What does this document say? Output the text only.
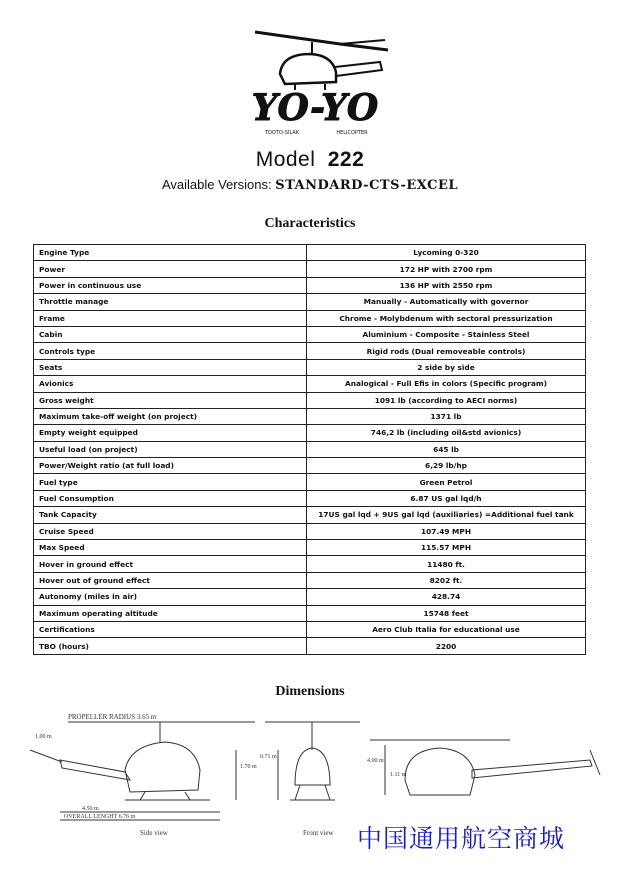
YO-YO
TOOTO-SILAK	HELICOPTER
Model 222
Available Versions: STANDARD-CTS-EXCEL
Characteristics
Engine Type	Lycoming 0-320
Power	172 HP with 2700 rpm
Power in continuous use	136 HP with 2550 rpm
Throttle manage	Manually - Automatically with governor
Frame	Chrome - Molybdenum with sectoral pressurization
Cabin	Aluminium - Composite - Stainless Steel
Controls type	Rigid rods (Dual removeable controls)
Seats	2 side by side
Avionics	Analogical - Full Efis in colors (Specific program)
Gross weight	1091 lb (according to AECI norms)
Maximum take-off weight (on project)	1371 lb
Empty weight equipped	746,2 lb (including oil&std avionics)
Useful load (on project)	645 lb
Power/Weight ratio (at full load)	6,29 lb/hp
Fuel type	Green Petrol
Fuel Consumption	6.87 US gal lqd/h
Tank Capacity	17US gal lqd + 9US gal lqd (auxiliaries) =Additional fuel tank
Cruise Speed	107.49 MPH
Max Speed	115.57 MPH
Hover in ground effect	11480 ft.
Hover out of ground effect	8202 ft.
Autonomy (miles in air)	428.74
Maximum operating altitude	15748 feet
Certifications	Aero Club Italia for educational use
TBO (hours)	2200
Dimensions
PROPELLER RADIUS 3.65 m
1.00 m
1.70 m
4.50 m
OVERALL LENGHT 6.76 m
Side view
0.71 m
Front view
4.00 m
1.11 m
中国通用航空商城
